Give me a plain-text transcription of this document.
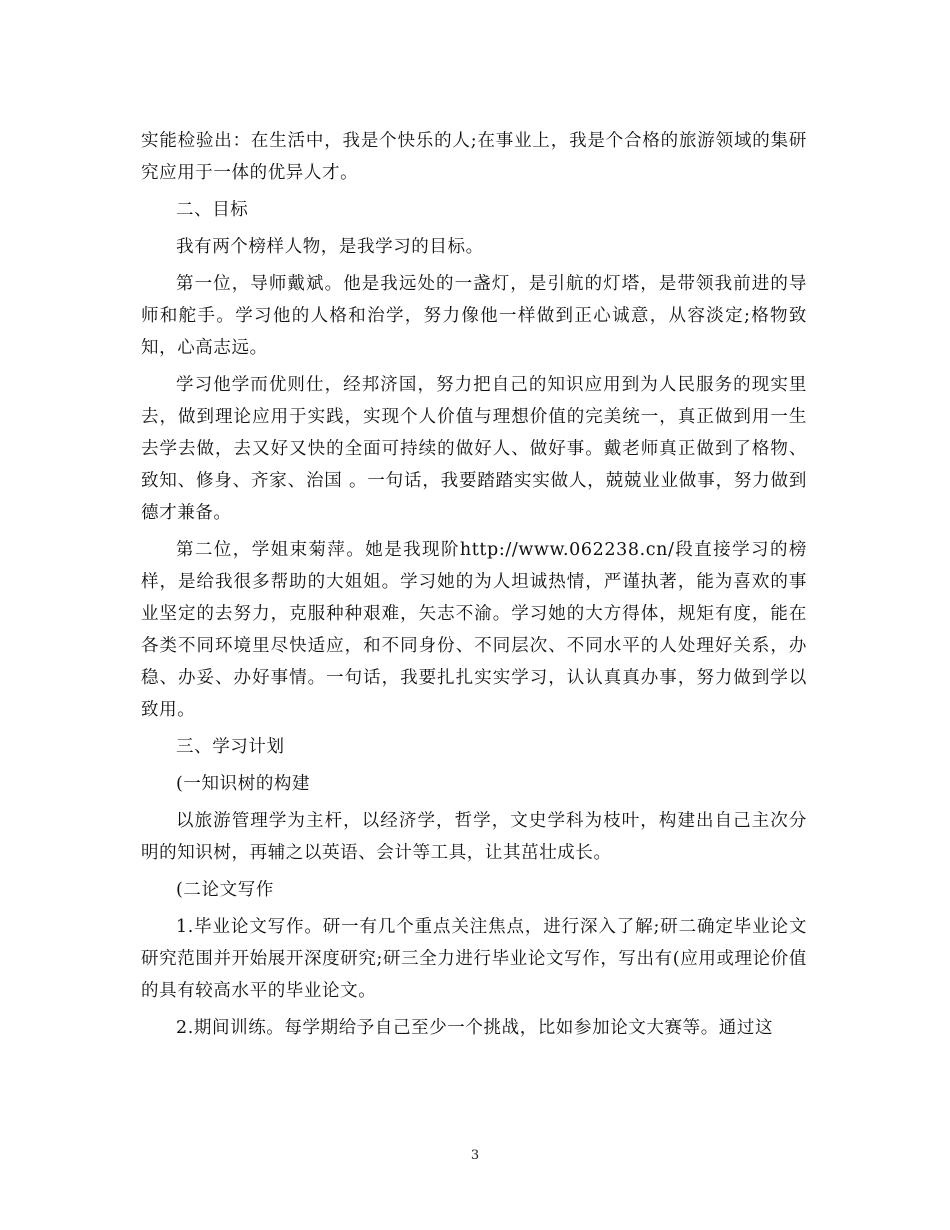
实能检验出：在生活中，我是个快乐的人;在事业上，我是个合格的旅游领域的集研究应用于一体的优异人才。

二、目标

我有两个榜样人物，是我学习的目标。

第一位，导师戴斌。他是我远处的一盏灯，是引航的灯塔，是带领我前进的导师和舵手。学习他的人格和治学，努力像他一样做到正心诚意，从容淡定;格物致知，心高志远。

学习他学而优则仕，经邦济国，努力把自己的知识应用到为人民服务的现实里去，做到理论应用于实践，实现个人价值与理想价值的完美统一，真正做到用一生去学去做，去又好又快的全面可持续的做好人、做好事。戴老师真正做到了格物、致知、修身、齐家、治国 。一句话，我要踏踏实实做人，兢兢业业做事，努力做到德才兼备。

第二位，学姐束菊萍。她是我现阶http://www.062238.cn/段直接学习的榜样，是给我很多帮助的大姐姐。学习她的为人坦诚热情，严谨执著，能为喜欢的事业坚定的去努力，克服种种艰难，矢志不渝。学习她的大方得体，规矩有度，能在各类不同环境里尽快适应，和不同身份、不同层次、不同水平的人处理好关系，办稳、办妥、办好事情。一句话，我要扎扎实实学习，认认真真办事，努力做到学以致用。

三、学习计划

(一知识树的构建

以旅游管理学为主杆，以经济学，哲学，文史学科为枝叶，构建出自己主次分明的知识树，再辅之以英语、会计等工具，让其茁壮成长。

(二论文写作

1.毕业论文写作。研一有几个重点关注焦点，进行深入了解;研二确定毕业论文研究范围并开始展开深度研究;研三全力进行毕业论文写作，写出有(应用或理论价值的具有较高水平的毕业论文。

2.期间训练。每学期给予自己至少一个挑战，比如参加论文大赛等。通过这

3
